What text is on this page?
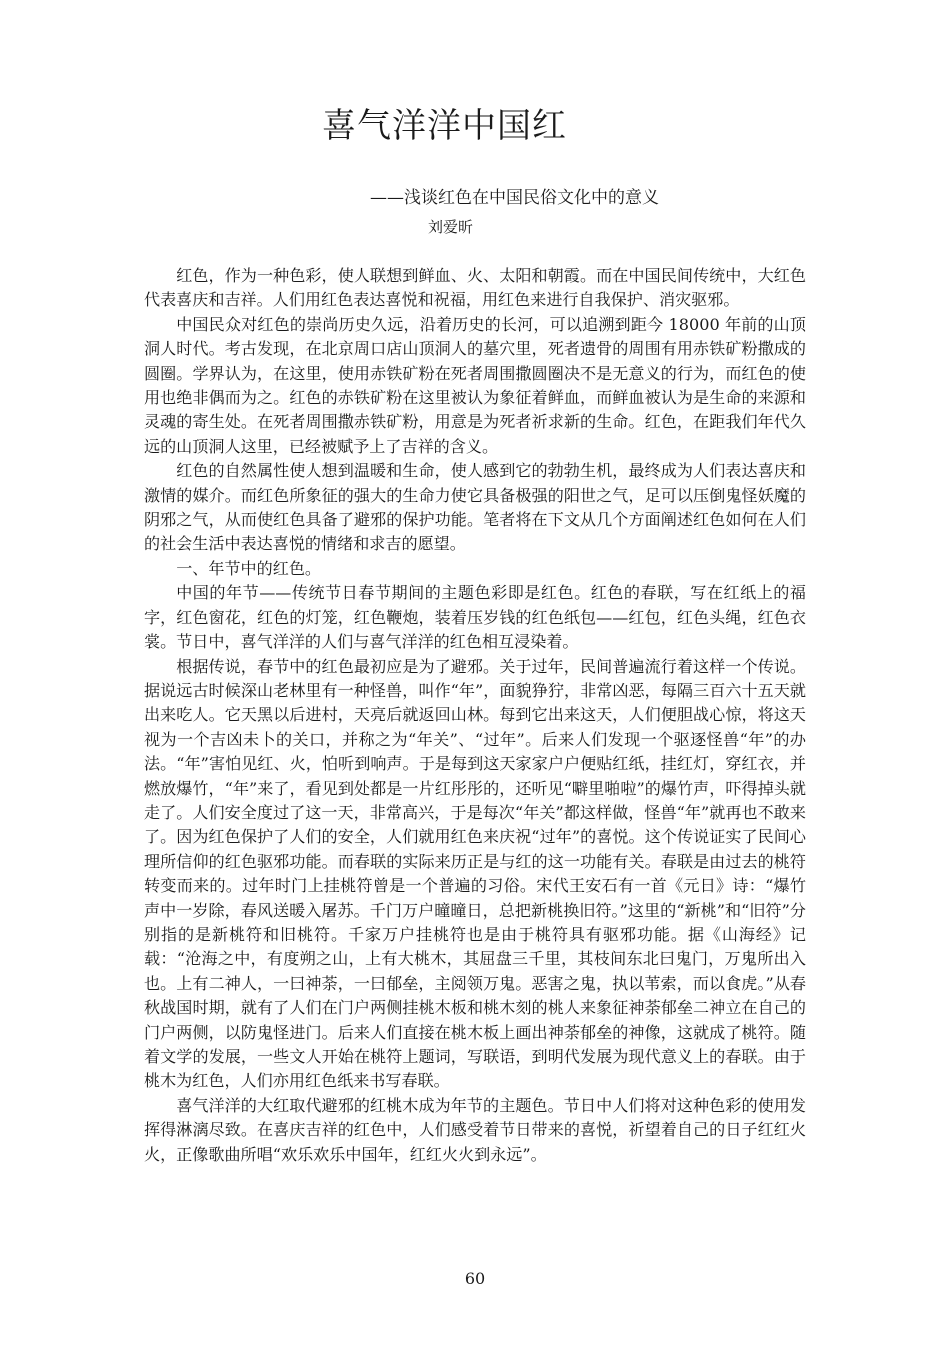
喜气洋洋中国红
——浅谈红色在中国民俗文化中的意义
刘爱昕

红色，作为一种色彩，使人联想到鲜血、火、太阳和朝霞。而在中国民间传统中，大红色代表喜庆和吉祥。人们用红色表达喜悦和祝福，用红色来进行自我保护、消灾驱邪。

中国民众对红色的崇尚历史久远，沿着历史的长河，可以追溯到距今 18000 年前的山顶洞人时代。考古发现，在北京周口店山顶洞人的墓穴里，死者遗骨的周围有用赤铁矿粉撒成的圆圈。学界认为，在这里，使用赤铁矿粉在死者周围撒圆圈决不是无意义的行为，而红色的使用也绝非偶而为之。红色的赤铁矿粉在这里被认为象征着鲜血，而鲜血被认为是生命的来源和灵魂的寄生处。在死者周围撒赤铁矿粉，用意是为死者祈求新的生命。红色，在距我们年代久远的山顶洞人这里，已经被赋予上了吉祥的含义。

红色的自然属性使人想到温暖和生命，使人感到它的勃勃生机，最终成为人们表达喜庆和激情的媒介。而红色所象征的强大的生命力使它具备极强的阳世之气，足可以压倒鬼怪妖魔的阴邪之气，从而使红色具备了避邪的保护功能。笔者将在下文从几个方面阐述红色如何在人们的社会生活中表达喜悦的情绪和求吉的愿望。

一、年节中的红色。

中国的年节——传统节日春节期间的主题色彩即是红色。红色的春联，写在红纸上的福字，红色窗花，红色的灯笼，红色鞭炮，装着压岁钱的红色纸包——红包，红色头绳，红色衣裳。节日中，喜气洋洋的人们与喜气洋洋的红色相互浸染着。

根据传说，春节中的红色最初应是为了避邪。关于过年，民间普遍流行着这样一个传说。据说远古时候深山老林里有一种怪兽，叫作“年”，面貌狰狞，非常凶恶，每隔三百六十五天就出来吃人。它天黑以后进村，天亮后就返回山林。每到它出来这天，人们便胆战心惊，将这天视为一个吉凶未卜的关口，并称之为“年关”、“过年”。后来人们发现一个驱逐怪兽“年”的办法。“年”害怕见红、火，怕听到响声。于是每到这天家家户户便贴红纸，挂红灯，穿红衣，并燃放爆竹，“年”来了，看见到处都是一片红彤彤的，还听见“噼里啪啦”的爆竹声，吓得掉头就走了。人们安全度过了这一天，非常高兴，于是每次“年关”都这样做，怪兽“年”就再也不敢来了。因为红色保护了人们的安全，人们就用红色来庆祝“过年”的喜悦。这个传说证实了民间心理所信仰的红色驱邪功能。而春联的实际来历正是与红的这一功能有关。春联是由过去的桃符转变而来的。过年时门上挂桃符曾是一个普遍的习俗。宋代王安石有一首《元日》诗：“爆竹声中一岁除，春风送暖入屠苏。千门万户曈曈日，总把新桃换旧符。”这里的“新桃”和“旧符”分别指的是新桃符和旧桃符。千家万户挂桃符也是由于桃符具有驱邪功能。据《山海经》记载：“沧海之中，有度朔之山，上有大桃木，其屈盘三千里，其枝间东北曰鬼门，万鬼所出入也。上有二神人，一曰神荼，一曰郁垒，主阅领万鬼。恶害之鬼，执以苇索，而以食虎。”从春秋战国时期，就有了人们在门户两侧挂桃木板和桃木刻的桃人来象征神荼郁垒二神立在自己的门户两侧，以防鬼怪进门。后来人们直接在桃木板上画出神荼郁垒的神像，这就成了桃符。随着文学的发展，一些文人开始在桃符上题词，写联语，到明代发展为现代意义上的春联。由于桃木为红色，人们亦用红色纸来书写春联。

喜气洋洋的大红取代避邪的红桃木成为年节的主题色。节日中人们将对这种色彩的使用发挥得淋漓尽致。在喜庆吉祥的红色中，人们感受着节日带来的喜悦，祈望着自己的日子红红火火，正像歌曲所唱“欢乐欢乐中国年，红红火火到永远”。

60
